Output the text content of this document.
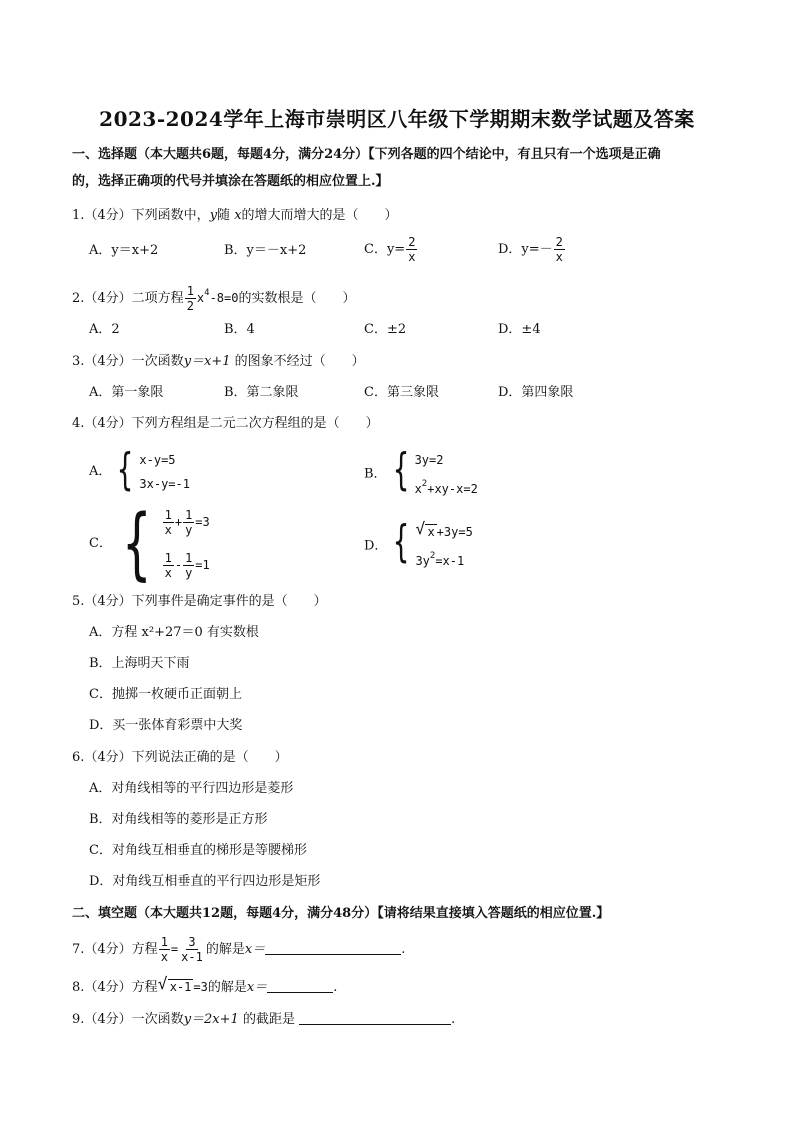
2023-2024学年上海市崇明区八年级下学期期末数学试题及答案
一、选择题（本大题共6题，每题4分，满分24分）【下列各题的四个结论中，有且只有一个选项是正确
的，选择正确项的代号并填涂在答题纸的相应位置上.】
1.（4分）下列函数中，y随 x的增大而增大的是（　　）
A．y＝x+2	B．y＝－x+2	C．$y= \frac{2}{x}$	D．$y=- \frac{2}{x}$
2.（4分）二项方程 $\frac{1}{2} x^4-8=0$的实数根是（　　）
A．2	B．4	C．±2	D．±4
3.（4分）一次函数y＝x+1 的图象不经过（　　）
A．第一象限	B．第二象限	C．第三象限	D．第四象限
4.（4分）下列方程组是二元二次方程组的是（　　）
A． { x-y=5
3x-y=-1
B． { 3y=2
$x^2+xy-x=2$
C． { $\frac{1}{x} + \frac{1}{y} =3$
$\frac{1}{x} - \frac{1}{y} =1$
D． { √ x +3y=5
$3y^2=x-1$
5.（4分）下列事件是确定事件的是（　　）
A．方程 x²+27＝0 有实数根
B．上海明天下雨
C．抛掷一枚硬币正面朝上
D．买一张体育彩票中大奖
6.（4分）下列说法正确的是（　　）
A．对角线相等的平行四边形是菱形
B．对角线相等的菱形是正方形
C．对角线互相垂直的梯形是等腰梯形
D．对角线互相垂直的平行四边形是矩形
二、填空题（本大题共12题，每题4分，满分48分）【请将结果直接填入答题纸的相应位置.】
7.（4分）方程 $\frac{1}{x} = \frac{3}{x-1}$ 的解是x＝	.
8.（4分）方程 √ x-1 =3的解是x＝	.
9.（4分）一次函数y＝2x+1 的截距是	.
